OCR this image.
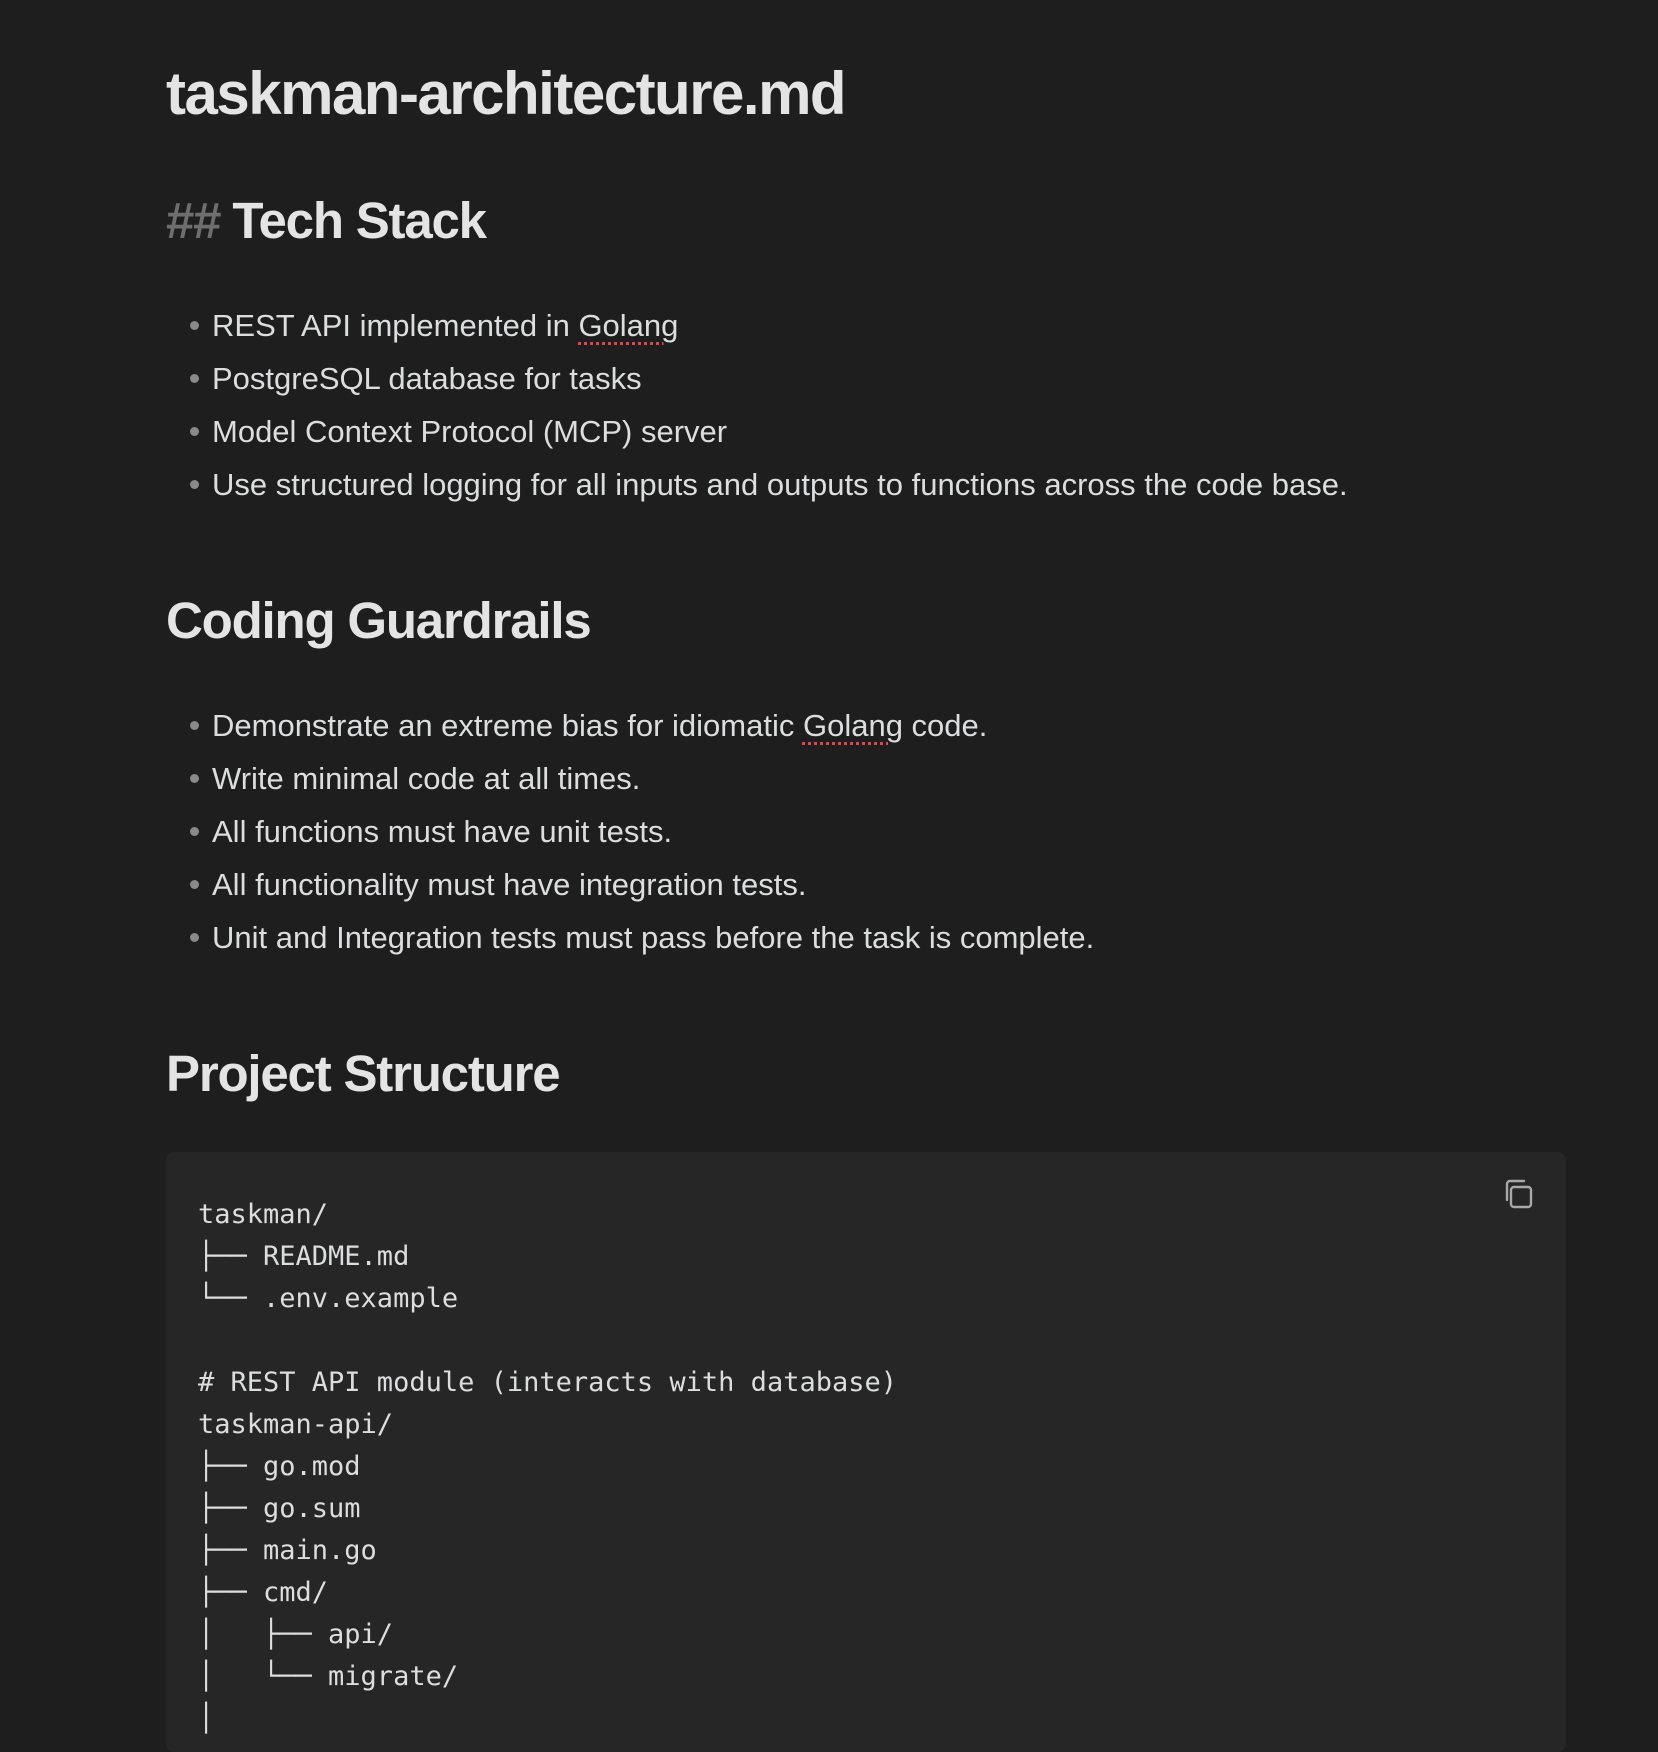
taskman-architecture.md
## Tech Stack
REST API implemented in Golang
PostgreSQL database for tasks
Model Context Protocol (MCP) server
Use structured logging for all inputs and outputs to functions across the code base.
Coding Guardrails
Demonstrate an extreme bias for idiomatic Golang code.
Write minimal code at all times.
All functions must have unit tests.
All functionality must have integration tests.
Unit and Integration tests must pass before the task is complete.
Project Structure
taskman/
├── README.md
└── .env.example
# REST API module (interacts with database)
taskman-api/
├── go.mod
├── go.sum
├── main.go
├── cmd/
│   ├── api/
│   └── migrate/
│
